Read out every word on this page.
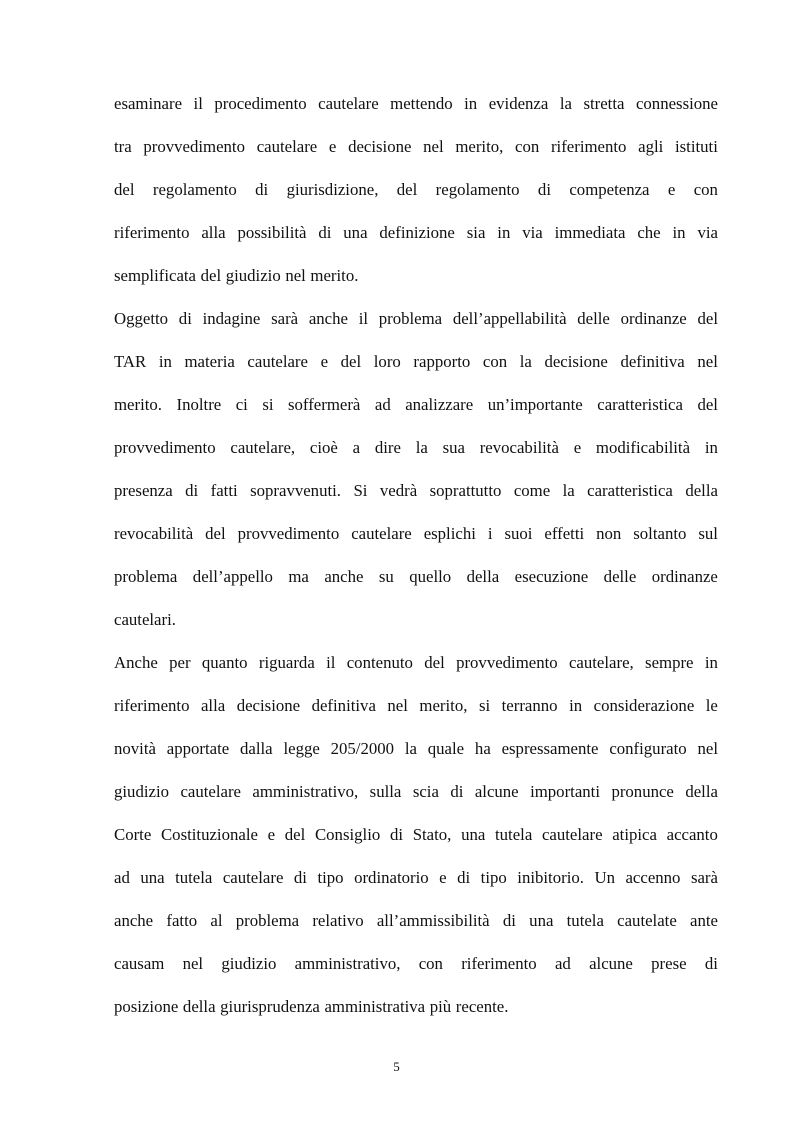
esaminare il procedimento cautelare mettendo in evidenza la stretta connessione
tra provvedimento cautelare e decisione nel merito, con riferimento agli istituti
del regolamento di giurisdizione, del regolamento di competenza e con
riferimento alla possibilità di una definizione sia in via immediata che in via
semplificata del giudizio nel merito.
Oggetto di indagine sarà anche il problema dell’appellabilità delle ordinanze del
TAR in materia cautelare e del loro rapporto con la decisione definitiva nel
merito. Inoltre ci si soffermerà ad analizzare un’importante caratteristica del
provvedimento cautelare, cioè a dire la sua revocabilità e modificabilità in
presenza di fatti sopravvenuti. Si vedrà soprattutto come la caratteristica della
revocabilità del provvedimento cautelare esplichi i suoi effetti non soltanto sul
problema dell’appello ma anche su quello della esecuzione delle ordinanze
cautelari.
Anche per quanto riguarda il contenuto del provvedimento cautelare, sempre in
riferimento alla decisione definitiva nel merito, si terranno in considerazione le
novità apportate dalla legge 205/2000 la quale ha espressamente configurato nel
giudizio cautelare amministrativo, sulla scia di alcune importanti pronunce della
Corte Costituzionale e del Consiglio di Stato, una tutela cautelare atipica accanto
ad una tutela cautelare di tipo ordinatorio e di tipo inibitorio. Un accenno sarà
anche fatto al problema relativo all’ammissibilità di una tutela cautelate ante
causam nel giudizio amministrativo, con riferimento ad alcune prese di
posizione della giurisprudenza amministrativa più recente.
5
